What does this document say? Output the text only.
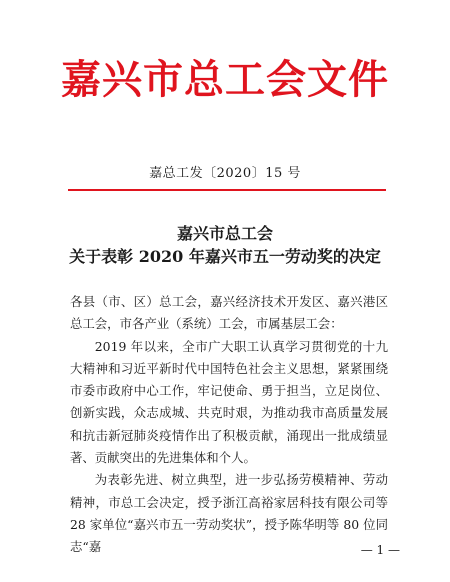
嘉兴市总工会文件
嘉总工发〔2020〕15 号
嘉兴市总工会
关于表彰 2020 年嘉兴市五一劳动奖的决定

各县（市、区）总工会，嘉兴经济技术开发区、嘉兴港区总工会，市各产业（系统）工会，市属基层工会：

2019 年以来，全市广大职工认真学习贯彻党的十九大精神和习近平新时代中国特色社会主义思想，紧紧围绕市委市政府中心工作，牢记使命、勇于担当，立足岗位、创新实践，众志成城、共克时艰，为推动我市高质量发展和抗击新冠肺炎疫情作出了积极贡献，涌现出一批成绩显著、贡献突出的先进集体和个人。

为表彰先进、树立典型，进一步弘扬劳模精神、劳动精神，市总工会决定，授予浙江高裕家居科技有限公司等 28 家单位“嘉兴市五一劳动奖状”，授予陈华明等 80 位同志“嘉	— 1 —
